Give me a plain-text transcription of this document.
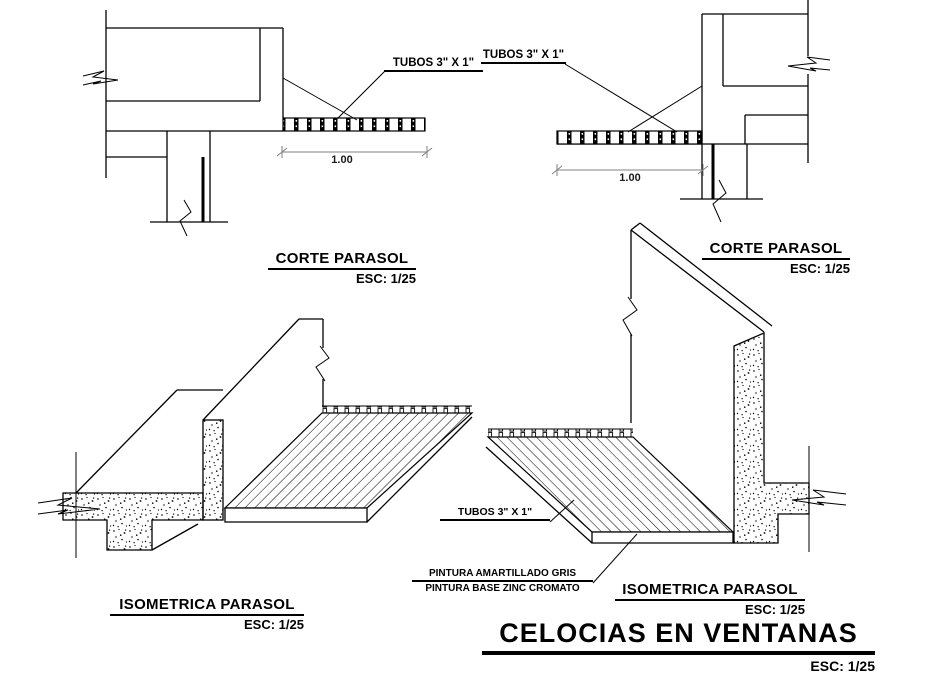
TUBOS 3" X 1"
TUBOS 3" X 1"
1.00
1.00
CORTE PARASOL
ESC: 1/25
CORTE PARASOL
ESC: 1/25
ISOMETRICA PARASOL
ESC: 1/25
ISOMETRICA PARASOL
ESC: 1/25
TUBOS 3" X 1"
PINTURA AMARTILLADO GRIS
PINTURA BASE ZINC CROMATO
CELOCIAS EN VENTANAS
ESC: 1/25
